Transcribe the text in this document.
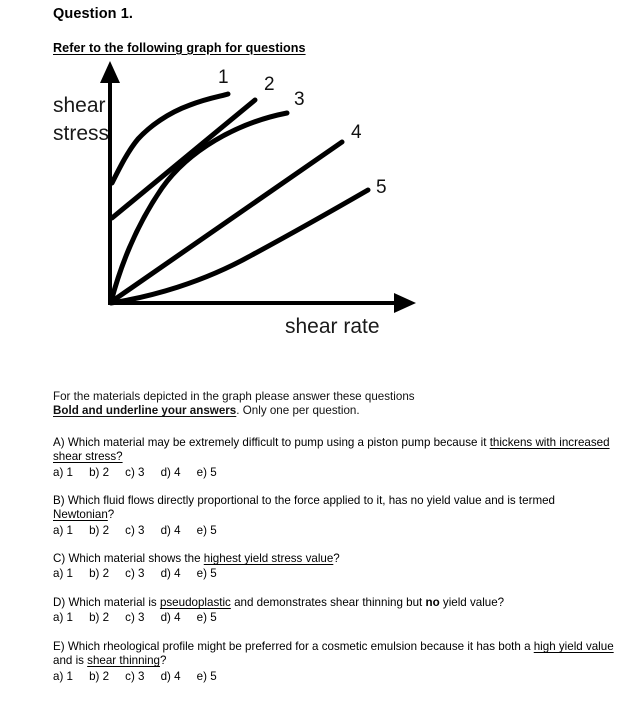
Question 1.
Refer to the following graph for questions
shear
stress
shear rate
1 2
3
4
5
For the materials depicted in the graph please answer these questions
Bold and underline your answers. Only one per question.
A) Which material may be extremely difficult to pump using a piston pump because it thickens with increased shear stress?
a) 1     b) 2     c) 3     d) 4     e) 5
B) Which fluid flows directly proportional to the force applied to it, has no yield value and is termed Newtonian?
a) 1     b) 2     c) 3     d) 4     e) 5
C) Which material shows the highest yield stress value?
a) 1     b) 2     c) 3     d) 4     e) 5
D) Which material is pseudoplastic and demonstrates shear thinning but no yield value?
a) 1     b) 2     c) 3     d) 4     e) 5
E) Which rheological profile might be preferred for a cosmetic emulsion because it has both a high yield value and is shear thinning?
a) 1     b) 2     c) 3     d) 4     e) 5
